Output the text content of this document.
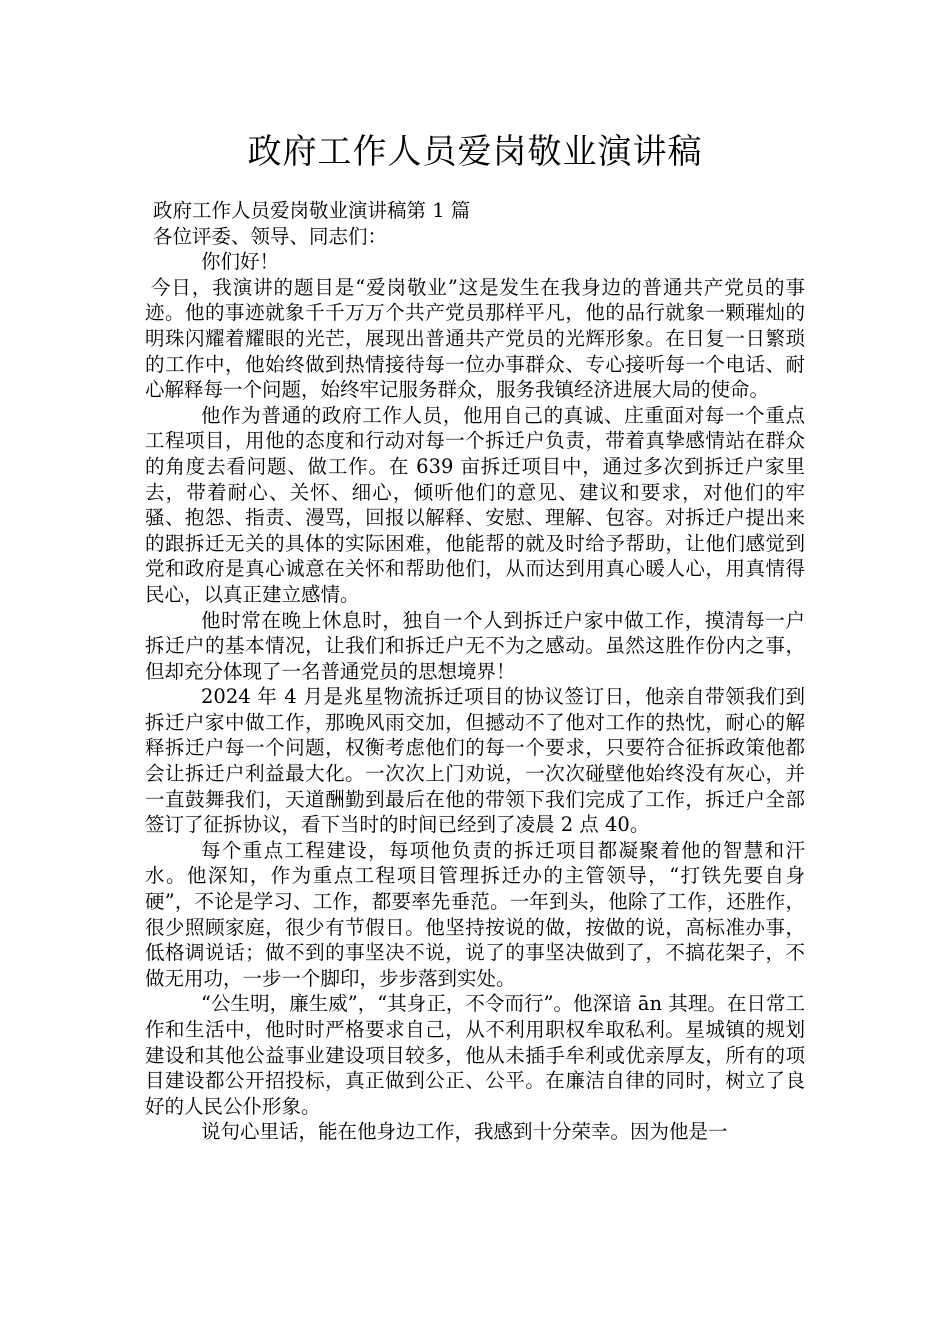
政府工作人员爱岗敬业演讲稿
政府工作人员爱岗敬业演讲稿第 1 篇
各位评委、领导、同志们：
你们好！

今日，我演讲的题目是“爱岗敬业”这是发生在我身边的普通共产党员的事迹。他的事迹就象千千万万个共产党员那样平凡，他的品行就象一颗璀灿的明珠闪耀着耀眼的光芒，展现出普通共产党员的光辉形象。在日复一日繁琐的工作中，他始终做到热情接待每一位办事群众、专心接听每一个电话、耐心解释每一个问题，始终牢记服务群众，服务我镇经济进展大局的使命。

他作为普通的政府工作人员，他用自己的真诚、庄重面对每一个重点工程项目，用他的态度和行动对每一个拆迁户负责，带着真挚感情站在群众的角度去看问题、做工作。在 639 亩拆迁项目中，通过多次到拆迁户家里去，带着耐心、关怀、细心，倾听他们的意见、建议和要求，对他们的牢骚、抱怨、指责、漫骂，回报以解释、安慰、理解、包容。对拆迁户提出来的跟拆迁无关的具体的实际困难，他能帮的就及时给予帮助，让他们感觉到党和政府是真心诚意在关怀和帮助他们，从而达到用真心暖人心，用真情得民心，以真正建立感情。

他时常在晚上休息时，独自一个人到拆迁户家中做工作，摸清每一户拆迁户的基本情况，让我们和拆迁户无不为之感动。虽然这胜作份内之事，但却充分体现了一名普通党员的思想境界！

2024 年 4 月是兆星物流拆迁项目的协议签订日，他亲自带领我们到拆迁户家中做工作，那晚风雨交加，但撼动不了他对工作的热忱，耐心的解释拆迁户每一个问题，权衡考虑他们的每一个要求，只要符合征拆政策他都会让拆迁户利益最大化。一次次上门劝说，一次次碰壁他始终没有灰心，并一直鼓舞我们，天道酬勤到最后在他的带领下我们完成了工作，拆迁户全部签订了征拆协议，看下当时的时间已经到了凌晨 2 点 40。

每个重点工程建设，每项他负责的拆迁项目都凝聚着他的智慧和汗水。他深知，作为重点工程项目管理拆迁办的主管领导，“打铁先要自身硬”，不论是学习、工作，都要率先垂范。一年到头，他除了工作，还胜作，很少照顾家庭，很少有节假日。他坚持按说的做，按做的说，高标准办事，低格调说话；做不到的事坚决不说，说了的事坚决做到了，不搞花架子，不做无用功，一步一个脚印，步步落到实处。

“公生明，廉生威”，“其身正，不令而行”。他深谙 ān 其理。在日常工作和生活中，他时时严格要求自己，从不利用职权牟取私利。星城镇的规划建设和其他公益事业建设项目较多，他从未插手牟利或优亲厚友，所有的项目建设都公开招投标，真正做到公正、公平。在廉洁自律的同时，树立了良好的人民公仆形象。

说句心里话，能在他身边工作，我感到十分荣幸。因为他是一
